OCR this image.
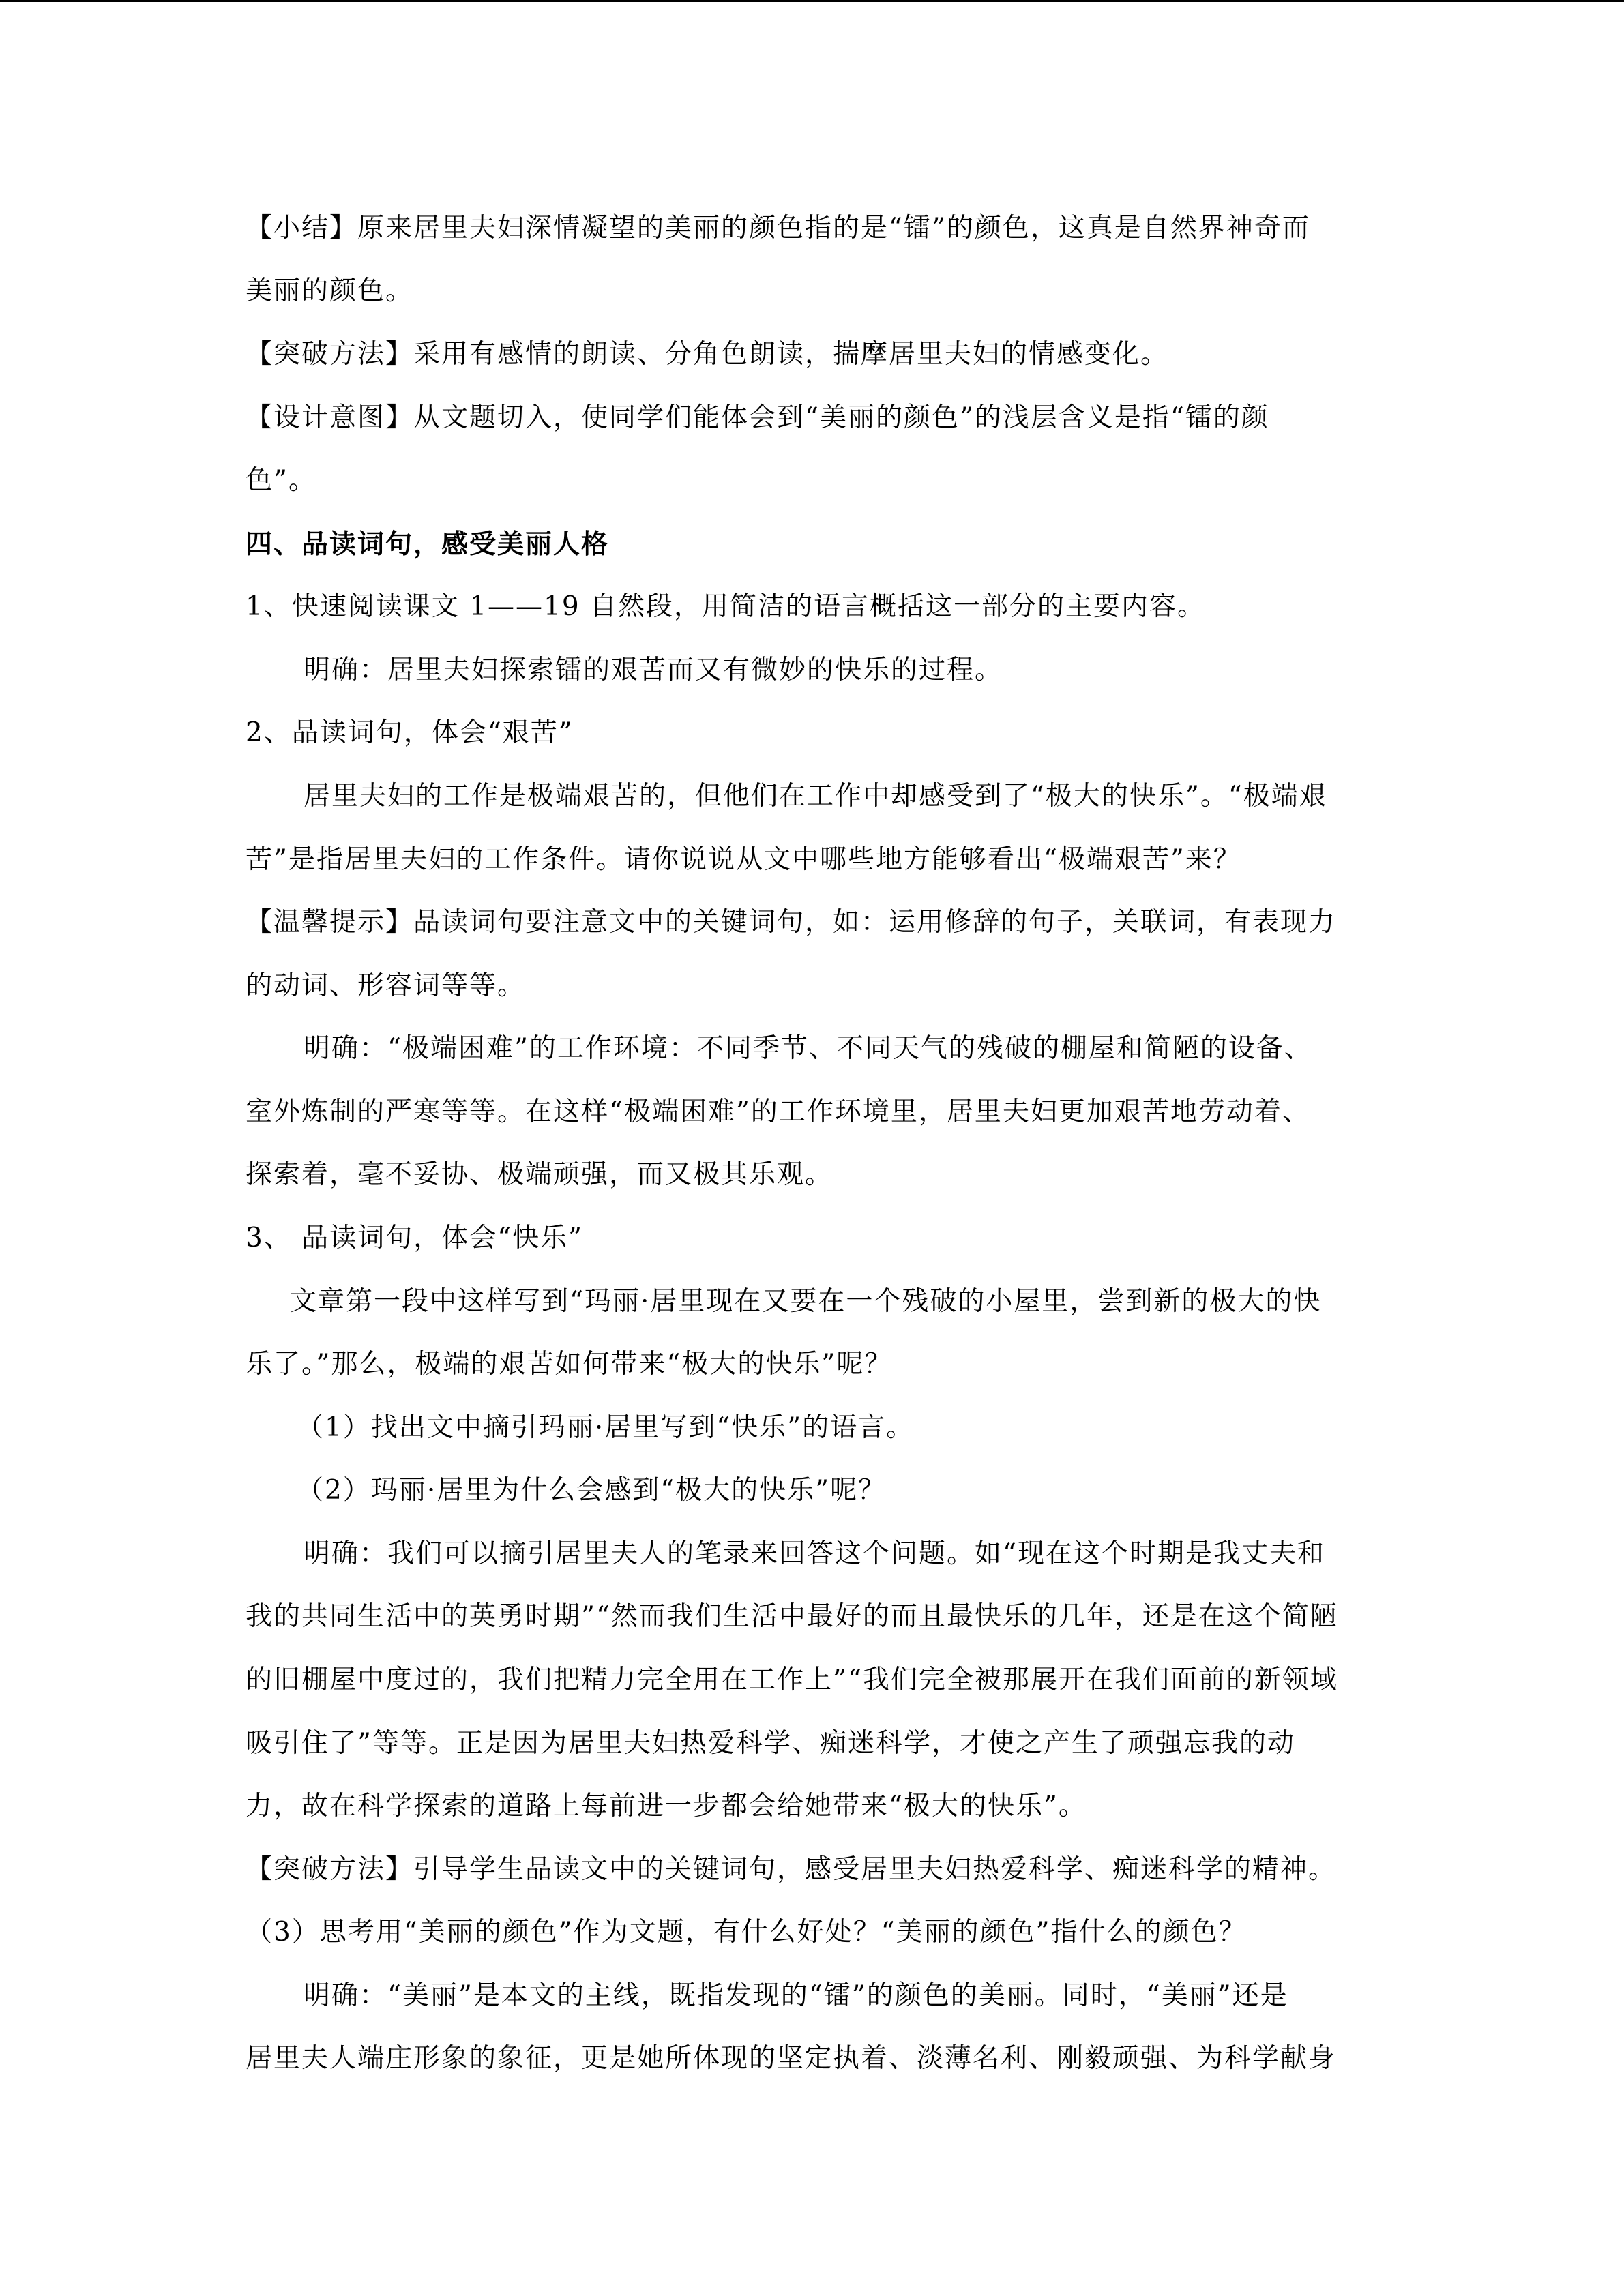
【小结】原来居里夫妇深情凝望的美丽的颜色指的是“镭”的颜色，这真是自然界神奇而
美丽的颜色。
【突破方法】采用有感情的朗读、分角色朗读，揣摩居里夫妇的情感变化。
【设计意图】从文题切入，使同学们能体会到“美丽的颜色”的浅层含义是指“镭的颜
色”。
四、品读词句，感受美丽人格
1、快速阅读课文 1——19 自然段，用简洁的语言概括这一部分的主要内容。
明确：居里夫妇探索镭的艰苦而又有微妙的快乐的过程。
2、品读词句，体会“艰苦”
居里夫妇的工作是极端艰苦的，但他们在工作中却感受到了“极大的快乐”。“极端艰
苦”是指居里夫妇的工作条件。请你说说从文中哪些地方能够看出“极端艰苦”来？
【温馨提示】品读词句要注意文中的关键词句，如：运用修辞的句子，关联词，有表现力
的动词、形容词等等。
明确：“极端困难”的工作环境：不同季节、不同天气的残破的棚屋和简陋的设备、
室外炼制的严寒等等。在这样“极端困难”的工作环境里，居里夫妇更加艰苦地劳动着、
探索着，毫不妥协、极端顽强，而又极其乐观。
3、 品读词句，体会“快乐”
文章第一段中这样写到“玛丽·居里现在又要在一个残破的小屋里，尝到新的极大的快
乐了。”那么，极端的艰苦如何带来“极大的快乐”呢？
（1）找出文中摘引玛丽·居里写到“快乐”的语言。
（2）玛丽·居里为什么会感到“极大的快乐”呢？
明确：我们可以摘引居里夫人的笔录来回答这个问题。如“现在这个时期是我丈夫和
我的共同生活中的英勇时期”“然而我们生活中最好的而且最快乐的几年，还是在这个简陋
的旧棚屋中度过的，我们把精力完全用在工作上”“我们完全被那展开在我们面前的新领域
吸引住了”等等。正是因为居里夫妇热爱科学、痴迷科学，才使之产生了顽强忘我的动
力，故在科学探索的道路上每前进一步都会给她带来“极大的快乐”。
【突破方法】引导学生品读文中的关键词句，感受居里夫妇热爱科学、痴迷科学的精神。
（3）思考用“美丽的颜色”作为文题，有什么好处？“美丽的颜色”指什么的颜色？
明确：“美丽”是本文的主线，既指发现的“镭”的颜色的美丽。同时，“美丽”还是
居里夫人端庄形象的象征，更是她所体现的坚定执着、淡薄名利、刚毅顽强、为科学献身
